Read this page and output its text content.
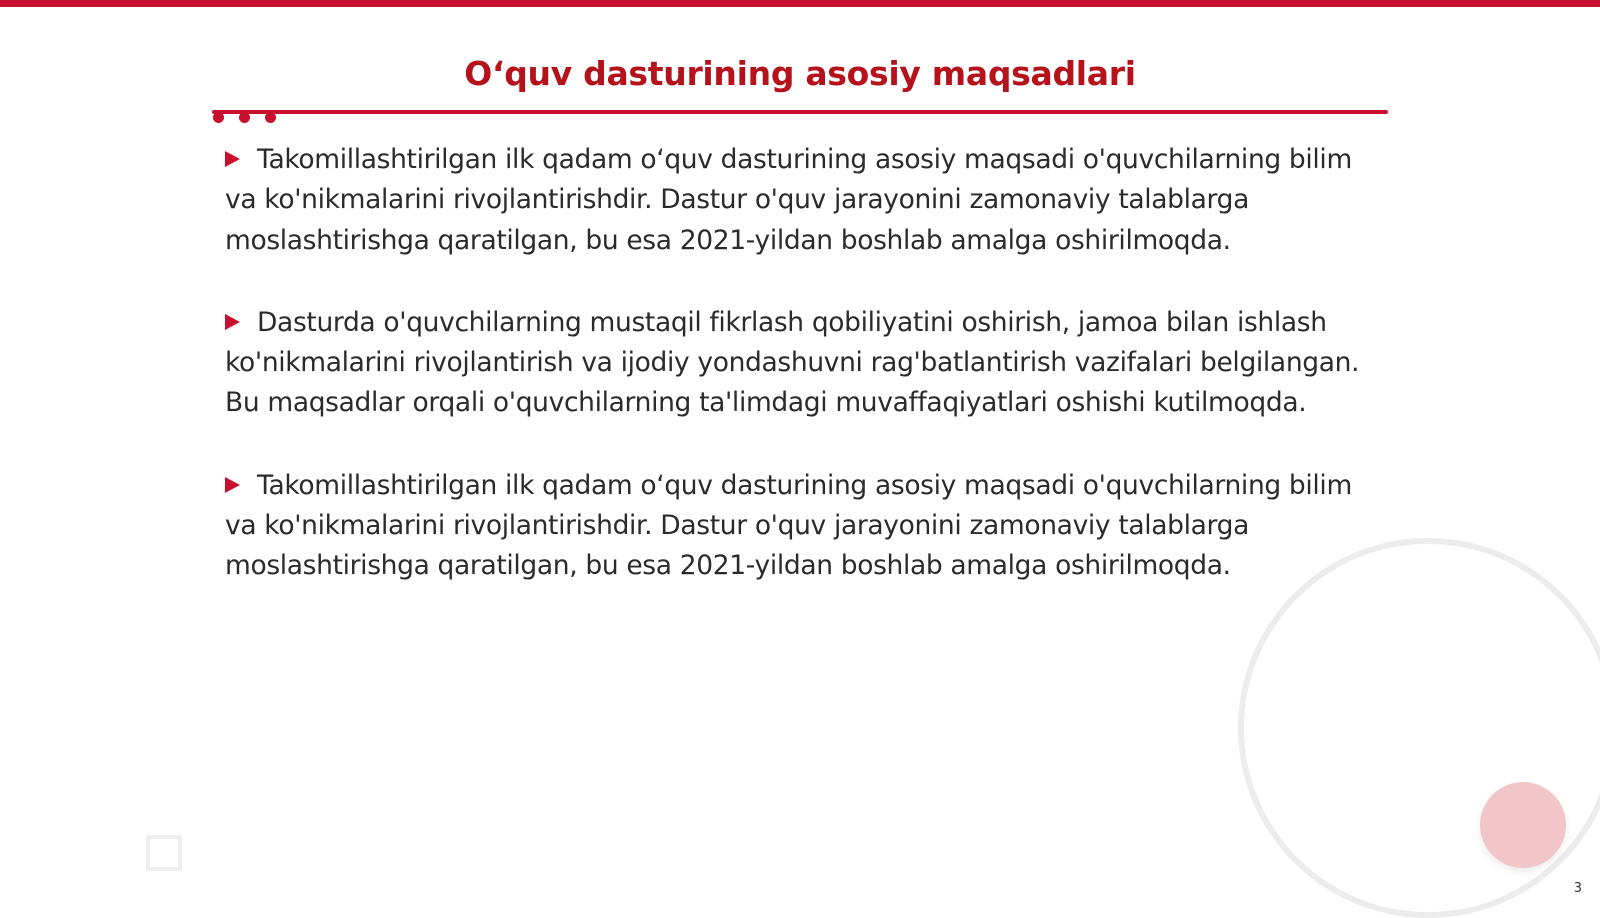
Oʻquv dasturining asosiy maqsadlari

Takomillashtirilgan ilk qadam oʻquv dasturining asosiy maqsadi o'quvchilarning bilim va ko'nikmalarini rivojlantirishdir. Dastur o'quv jarayonini zamonaviy talablarga moslashtirishga qaratilgan, bu esa 2021-yildan boshlab amalga oshirilmoqda.

Dasturda o'quvchilarning mustaqil fikrlash qobiliyatini oshirish, jamoa bilan ishlash ko'nikmalarini rivojlantirish va ijodiy yondashuvni rag'batlantirish vazifalari belgilangan. Bu maqsadlar orqali o'quvchilarning ta'limdagi muvaffaqiyatlari oshishi kutilmoqda.

Takomillashtirilgan ilk qadam oʻquv dasturining asosiy maqsadi o'quvchilarning bilim va ko'nikmalarini rivojlantirishdir. Dastur o'quv jarayonini zamonaviy talablarga moslashtirishga qaratilgan, bu esa 2021-yildan boshlab amalga oshirilmoqda.

3
